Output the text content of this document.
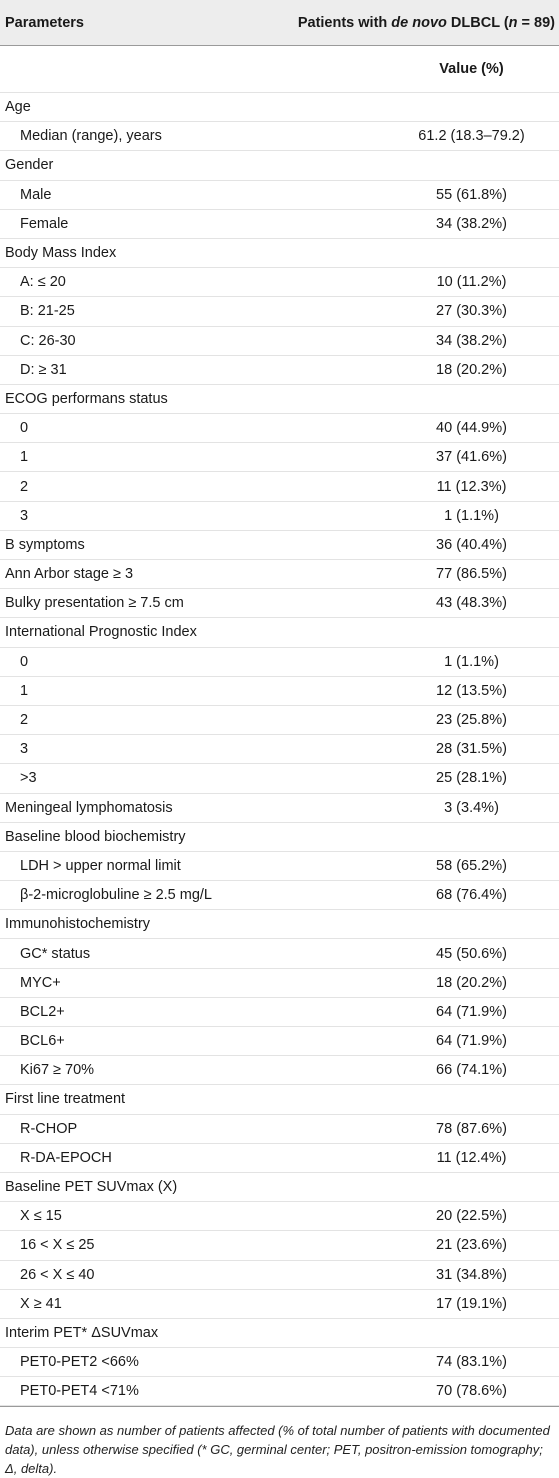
Parameters	Patients with de novo DLBCL (n = 89)
Value (%)
Age
Median (range), years	61.2 (18.3–79.2)
Gender
Male	55 (61.8%)
Female	34 (38.2%)
Body Mass Index
A: ≤ 20	10 (11.2%)
B: 21-25	27 (30.3%)
C: 26-30	34 (38.2%)
D: ≥ 31	18 (20.2%)
ECOG performans status
0	40 (44.9%)
1	37 (41.6%)
2	11 (12.3%)
3	1 (1.1%)
B symptoms	36 (40.4%)
Ann Arbor stage ≥ 3	77 (86.5%)
Bulky presentation ≥ 7.5 cm	43 (48.3%)
International Prognostic Index
0	1 (1.1%)
1	12 (13.5%)
2	23 (25.8%)
3	28 (31.5%)
>3	25 (28.1%)
Meningeal lymphomatosis	3 (3.4%)
Baseline blood biochemistry
LDH > upper normal limit	58 (65.2%)
β-2-microglobuline ≥ 2.5 mg/L	68 (76.4%)
Immunohistochemistry
GC* status	45 (50.6%)
MYC+	18 (20.2%)
BCL2+	64 (71.9%)
BCL6+	64 (71.9%)
Ki67 ≥ 70%	66 (74.1%)
First line treatment
R-CHOP	78 (87.6%)
R-DA-EPOCH	11 (12.4%)
Baseline PET SUVmax (X)
X ≤ 15	20 (22.5%)
16 < X ≤ 25	21 (23.6%)
26 < X ≤ 40	31 (34.8%)
X ≥ 41	17 (19.1%)
Interim PET* ΔSUVmax
PET0-PET2 <66%	74 (83.1%)
PET0-PET4 <71%	70 (78.6%)
Data are shown as number of patients affected (% of total number of patients with documented data), unless otherwise specified (* GC, germinal center; PET, positron-emission tomography; Δ, delta).
